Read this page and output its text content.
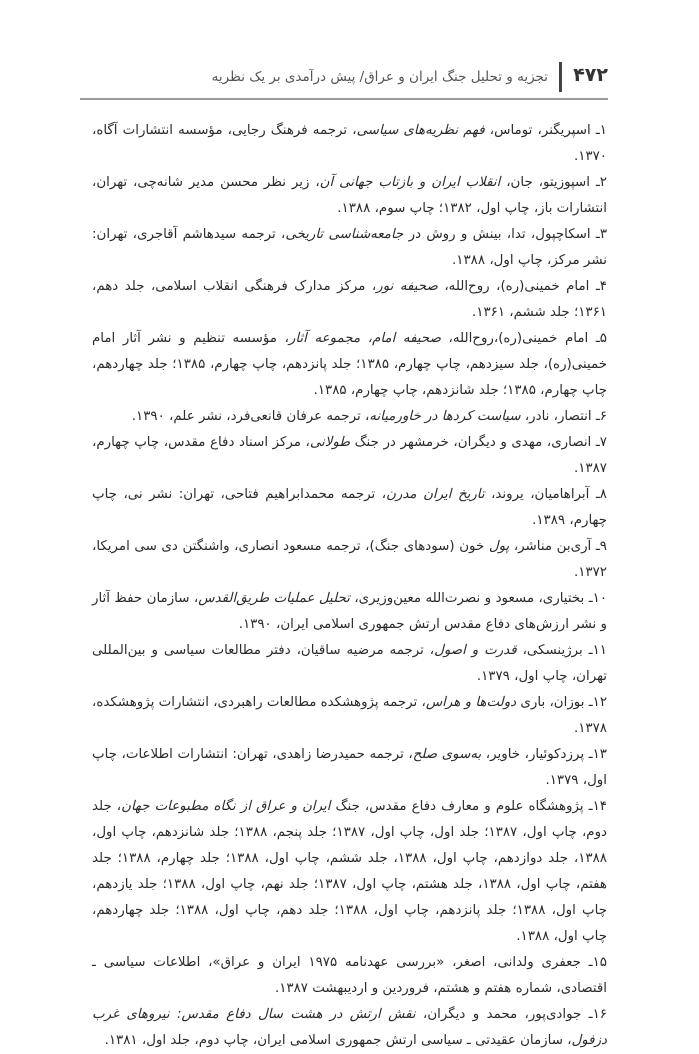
۴۷۲
تجزیه و تحلیل جنگ ایران و عراق/ پیش درآمدی بر یک نظریه

۱ـ اسپریگنر، توماس، فهم نظریه‌های سیاسی، ترجمه فرهنگ رجایی، مؤسسه انتشارات آگاه، ۱۳۷۰.

۲ـ اسپوزیتو، جان، انقلاب ایران و بازتاب جهانی آن، زیر نظر محسن مدیر شانه‌چی، تهران، انتشارات باز، چاپ اول، ۱۳۸۲؛ چاپ سوم، ۱۳۸۸.

۳ـ اسکاچپول، تدا، بینش و روش در جامعه‌شناسی تاریخی، ترجمه سیدهاشم آقاجری، تهران: نشر مرکز، چاپ اول، ۱۳۸۸.

۴ـ امام خمینی(ره)، روح‌الله، صحیفه نور، مرکز مدارک فرهنگی انقلاب اسلامی، جلد دهم، ۱۳۶۱؛ جلد ششم، ۱۳۶۱.

۵ـ امام خمینی(ره)،روح‌الله، صحیفه امام، مجموعه آثار، مؤسسه تنظیم و نشر آثار امام خمینی(ره)، جلد سیزدهم، چاپ چهارم، ۱۳۸۵؛ جلد پانزدهم، چاپ چهارم، ۱۳۸۵؛ جلد چهاردهم، چاپ چهارم، ۱۳۸۵؛ جلد شانزدهم، چاپ چهارم، ۱۳۸۵.

۶ـ انتصار، نادر، سیاست کردها در خاورمیانه، ترجمه عرفان قانعی‌فرد، نشر علم، ۱۳۹۰.

۷ـ انصاری، مهدی و دیگران، خرمشهر در جنگ طولانی، مرکز اسناد دفاع مقدس، چاپ چهارم، ۱۳۸۷.

۸ـ آبراهامیان، یروند، تاریخ ایران مدرن، ترجمه محمدابراهیم فتاحی، تهران: نشر نی، چاپ چهارم، ۱۳۸۹.

۹ـ آری‌بن مناشر، پول خون (سودهای جنگ)، ترجمه مسعود انصاری، واشنگتن دی سی امریکا، ۱۳۷۲.

۱۰ـ بختیاری، مسعود و نصرت‌الله معین‌وزیری، تحلیل عملیات طریق‌القدس، سازمان حفظ آثار و نشر ارزش‌های دفاع مقدس ارتش جمهوری اسلامی ایران، ۱۳۹۰.

۱۱ـ برژینسکی، قدرت و اصول، ترجمه مرضیه ساقیان، دفتر مطالعات سیاسی و بین‌المللی تهران، چاپ اول، ۱۳۷۹.

۱۲ـ بوزان، باری دولت‌ها و هراس، ترجمه پژوهشکده مطالعات راهبردی، انتشارات پژوهشکده، ۱۳۷۸.

۱۳ـ پرزدکوئیار، خاویر، به‌سوی صلح، ترجمه حمیدرضا زاهدی، تهران: انتشارات اطلاعات، چاپ اول، ۱۳۷۹.

۱۴ـ پژوهشگاه علوم و معارف دفاع مقدس، جنگ ایران و عراق از نگاه مطبوعات جهان، جلد دوم، چاپ اول، ۱۳۸۷؛ جلد اول، چاپ اول، ۱۳۸۷؛ جلد پنجم، ۱۳۸۸؛ جلد شانزدهم، چاپ اول، ۱۳۸۸، جلد دوازدهم، چاپ اول، ۱۳۸۸، جلد ششم، چاپ اول، ۱۳۸۸؛ جلد چهارم، ۱۳۸۸؛ جلد هفتم، چاپ اول، ۱۳۸۸، جلد هشتم، چاپ اول، ۱۳۸۷؛ جلد نهم، چاپ اول، ۱۳۸۸؛ جلد یازدهم، چاپ اول، ۱۳۸۸؛ جلد پانزدهم، چاپ اول، ۱۳۸۸؛ جلد دهم، چاپ اول، ۱۳۸۸؛ جلد چهاردهم، چاپ اول، ۱۳۸۸.

۱۵ـ جعفری ولدانی، اصغر، «بررسی عهدنامه ۱۹۷۵ ایران و عراق»، اطلاعات سیاسی ـ اقتصادی، شماره هفتم و هشتم، فروردین و اردیبهشت ۱۳۸۷.

۱۶ـ جوادی‌پور، محمد و دیگران، نقش ارتش در هشت سال دفاع مقدس: نیروهای غرب دزفول، سازمان عقیدتی ـ سیاسی ارتش جمهوری اسلامی ایران، چاپ دوم، جلد اول، ۱۳۸۱.
